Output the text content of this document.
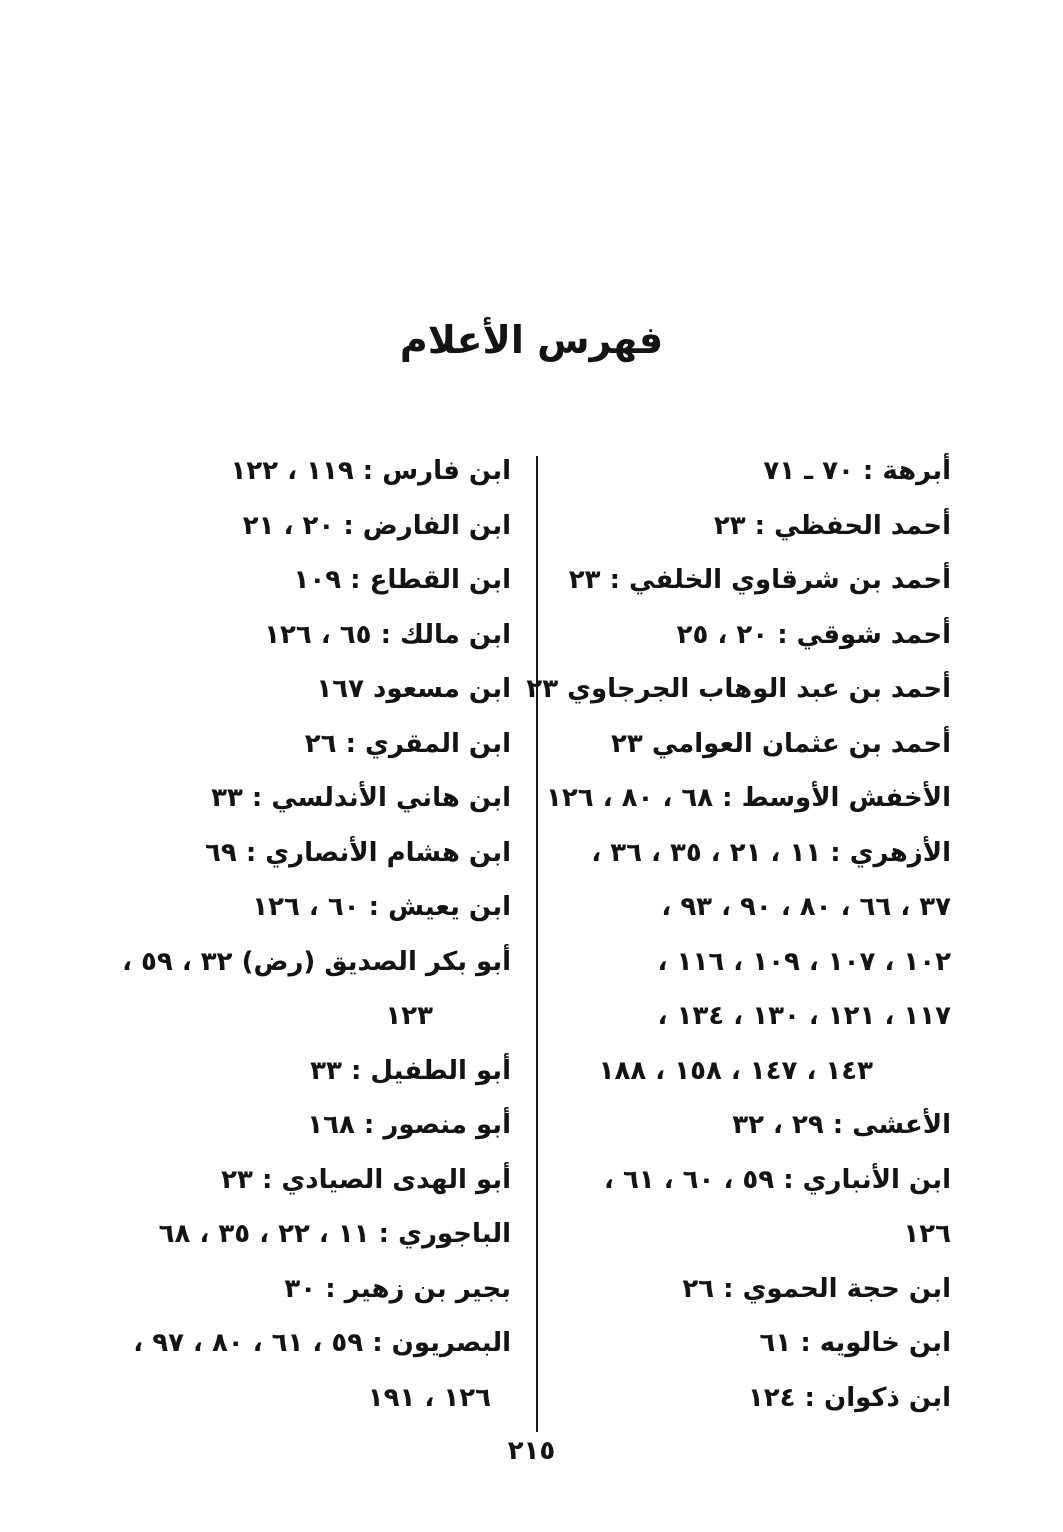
فهرس الأعلام
أبرهة : ٧٠ ـ ٧١
أحمد الحفظي : ٢٣
أحمد بن شرقاوي الخلفي : ٢٣
أحمد شوقي : ٢٠ ، ٢٥
أحمد بن عبد الوهاب الجرجاوي ٢٣
أحمد بن عثمان العوامي ٢٣
الأخفش الأوسط : ٦٨ ، ٨٠ ، ١٢٦
الأزهري : ١١ ، ٢١ ، ٣٥ ، ٣٦ ،
٣٧ ، ٦٦ ، ٨٠ ، ٩٠ ، ٩٣ ،
١٠٢ ، ١٠٧ ، ١٠٩ ، ١١٦ ،
١١٧ ، ١٢١ ، ١٣٠ ، ١٣٤ ،
١٤٣ ، ١٤٧ ، ١٥٨ ، ١٨٨
الأعشى : ٢٩ ، ٣٢
ابن الأنباري : ٥٩ ، ٦٠ ، ٦١ ،
١٢٦
ابن حجة الحموي : ٢٦
ابن خالويه : ٦١
ابن ذكوان : ١٢٤
ابن فارس : ١١٩ ، ١٢٢
ابن الفارض : ٢٠ ، ٢١
ابن القطاع : ١٠٩
ابن مالك : ٦٥ ، ١٢٦
ابن مسعود ١٦٧
ابن المقري : ٢٦
ابن هاني الأندلسي : ٣٣
ابن هشام الأنصاري : ٦٩
ابن يعيش : ٦٠ ، ١٢٦
أبو بكر الصديق (رض) ٣٢ ، ٥٩ ،
١٢٣
أبو الطفيل : ٣٣
أبو منصور : ١٦٨
أبو الهدى الصيادي : ٢٣
الباجوري : ١١ ، ٢٢ ، ٣٥ ، ٦٨
بجير بن زهير : ٣٠
البصريون : ٥٩ ، ٦١ ، ٨٠ ، ٩٧ ،
١٢٦ ، ١٩١
٢١٥
